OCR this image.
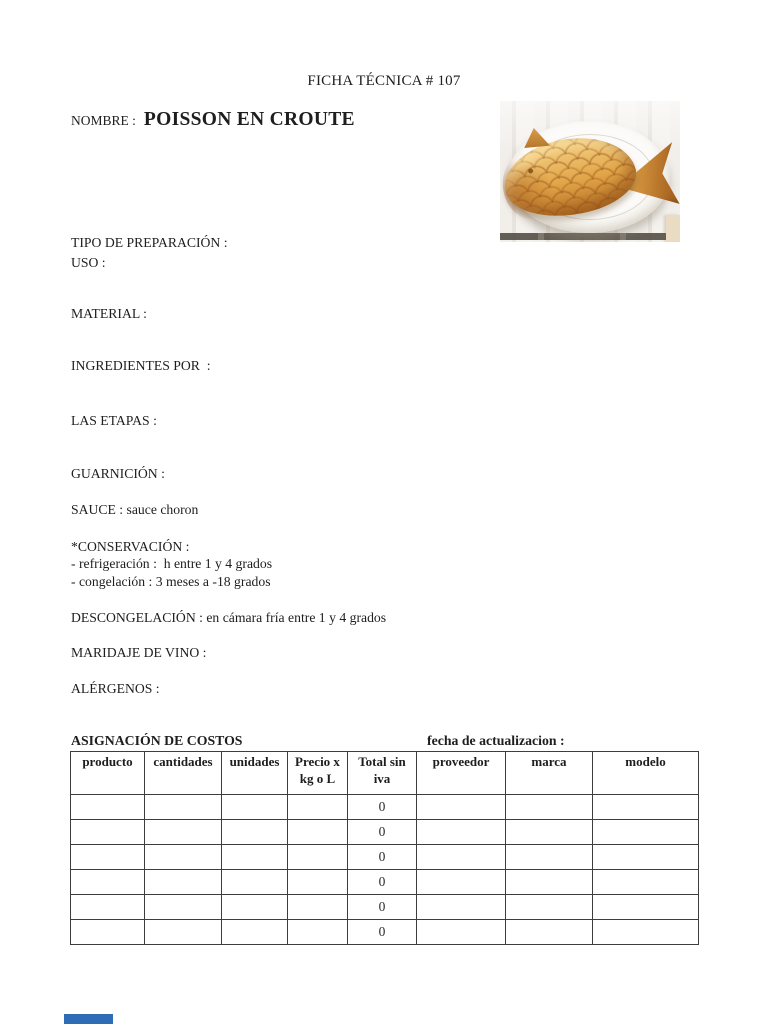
FICHA TÉCNICA # 107
NOMBRE : POISSON EN CROUTE
TIPO DE PREPARACIÓN :
USO :
MATERIAL :
INGREDIENTES POR  :
LAS ETAPAS :
GUARNICIÓN :
SAUCE : sauce choron
*CONSERVACIÓN :
- refrigeración :  h entre 1 y 4 grados
- congelación : 3 meses a -18 grados
DESCONGELACIÓN : en cámara fría entre 1 y 4 grados
MARIDAJE DE VINO :
ALÉRGENOS :
ASIGNACIÓN DE COSTOS	fecha de actualizacion :
producto	cantidades	unidades	Precio x kg o L	Total sin iva	proveedor	marca	modelo
				0			
				0			
				0			
				0			
				0			
				0			
